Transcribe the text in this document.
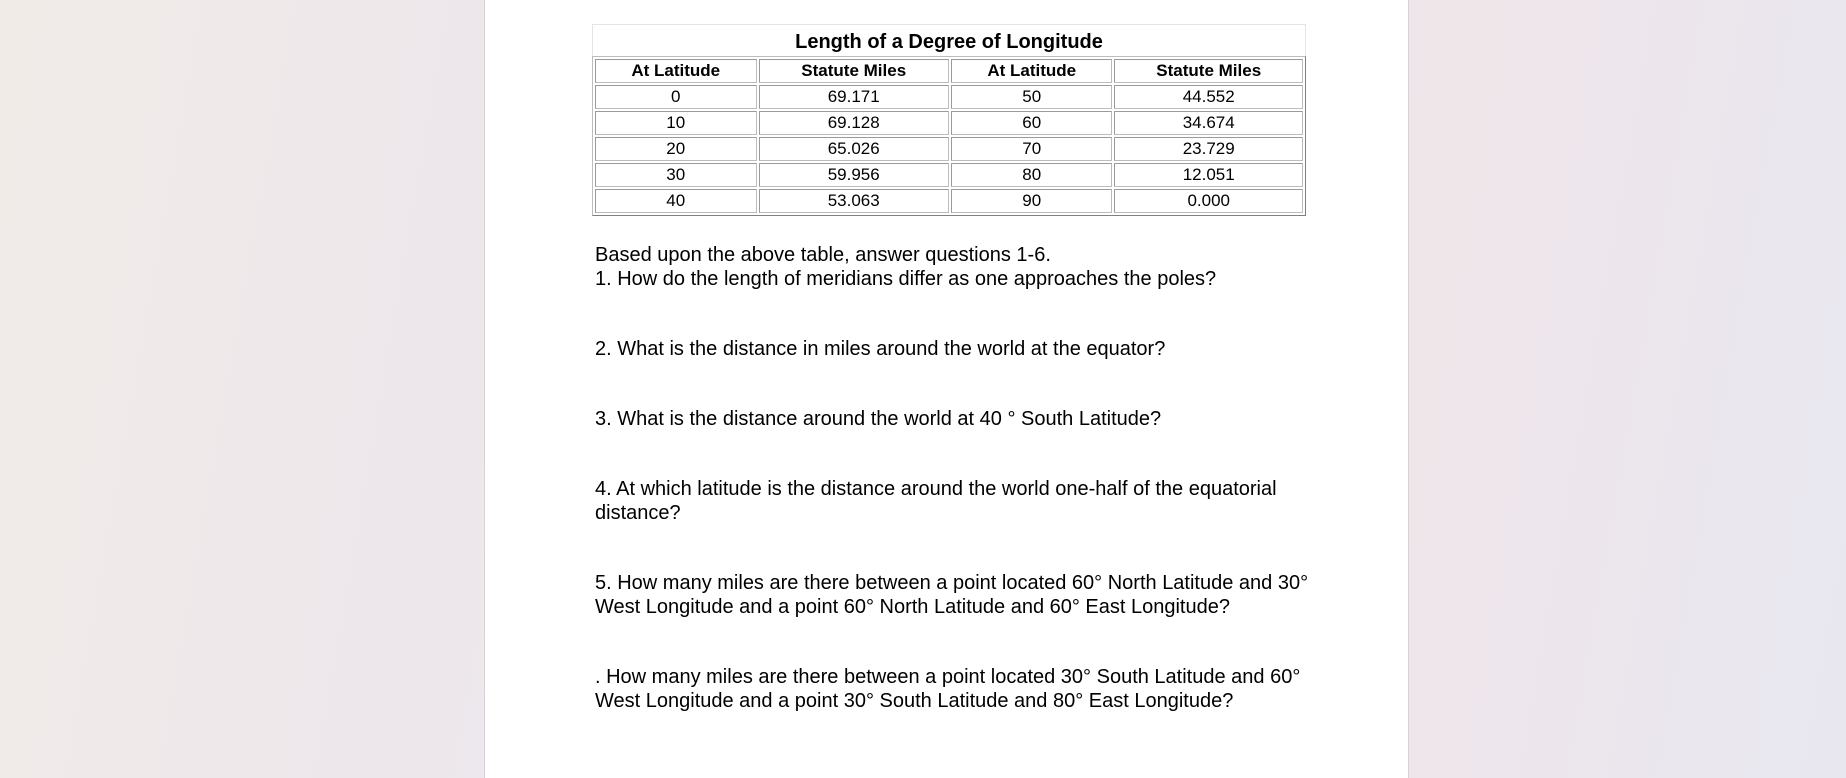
Length of a Degree of Longitude
At Latitude	Statute Miles	At Latitude	Statute Miles
0	69.171	50	44.552
10	69.128	60	34.674
20	65.026	70	23.729
30	59.956	80	12.051
40	53.063	90	0.000

Based upon the above table, answer questions 1-6.

1. How do the length of meridians differ as one approaches the poles?

2. What is the distance in miles around the world at the equator?

3. What is the distance around the world at 40 ° South Latitude?

4. At which latitude is the distance around the world one-half of the equatorial distance?

5. How many miles are there between a point located 60° North Latitude and 30° West Longitude and a point 60° North Latitude and 60° East Longitude?

. How many miles are there between a point located 30° South Latitude and 60° West Longitude and a point 30° South Latitude and 80° East Longitude?
